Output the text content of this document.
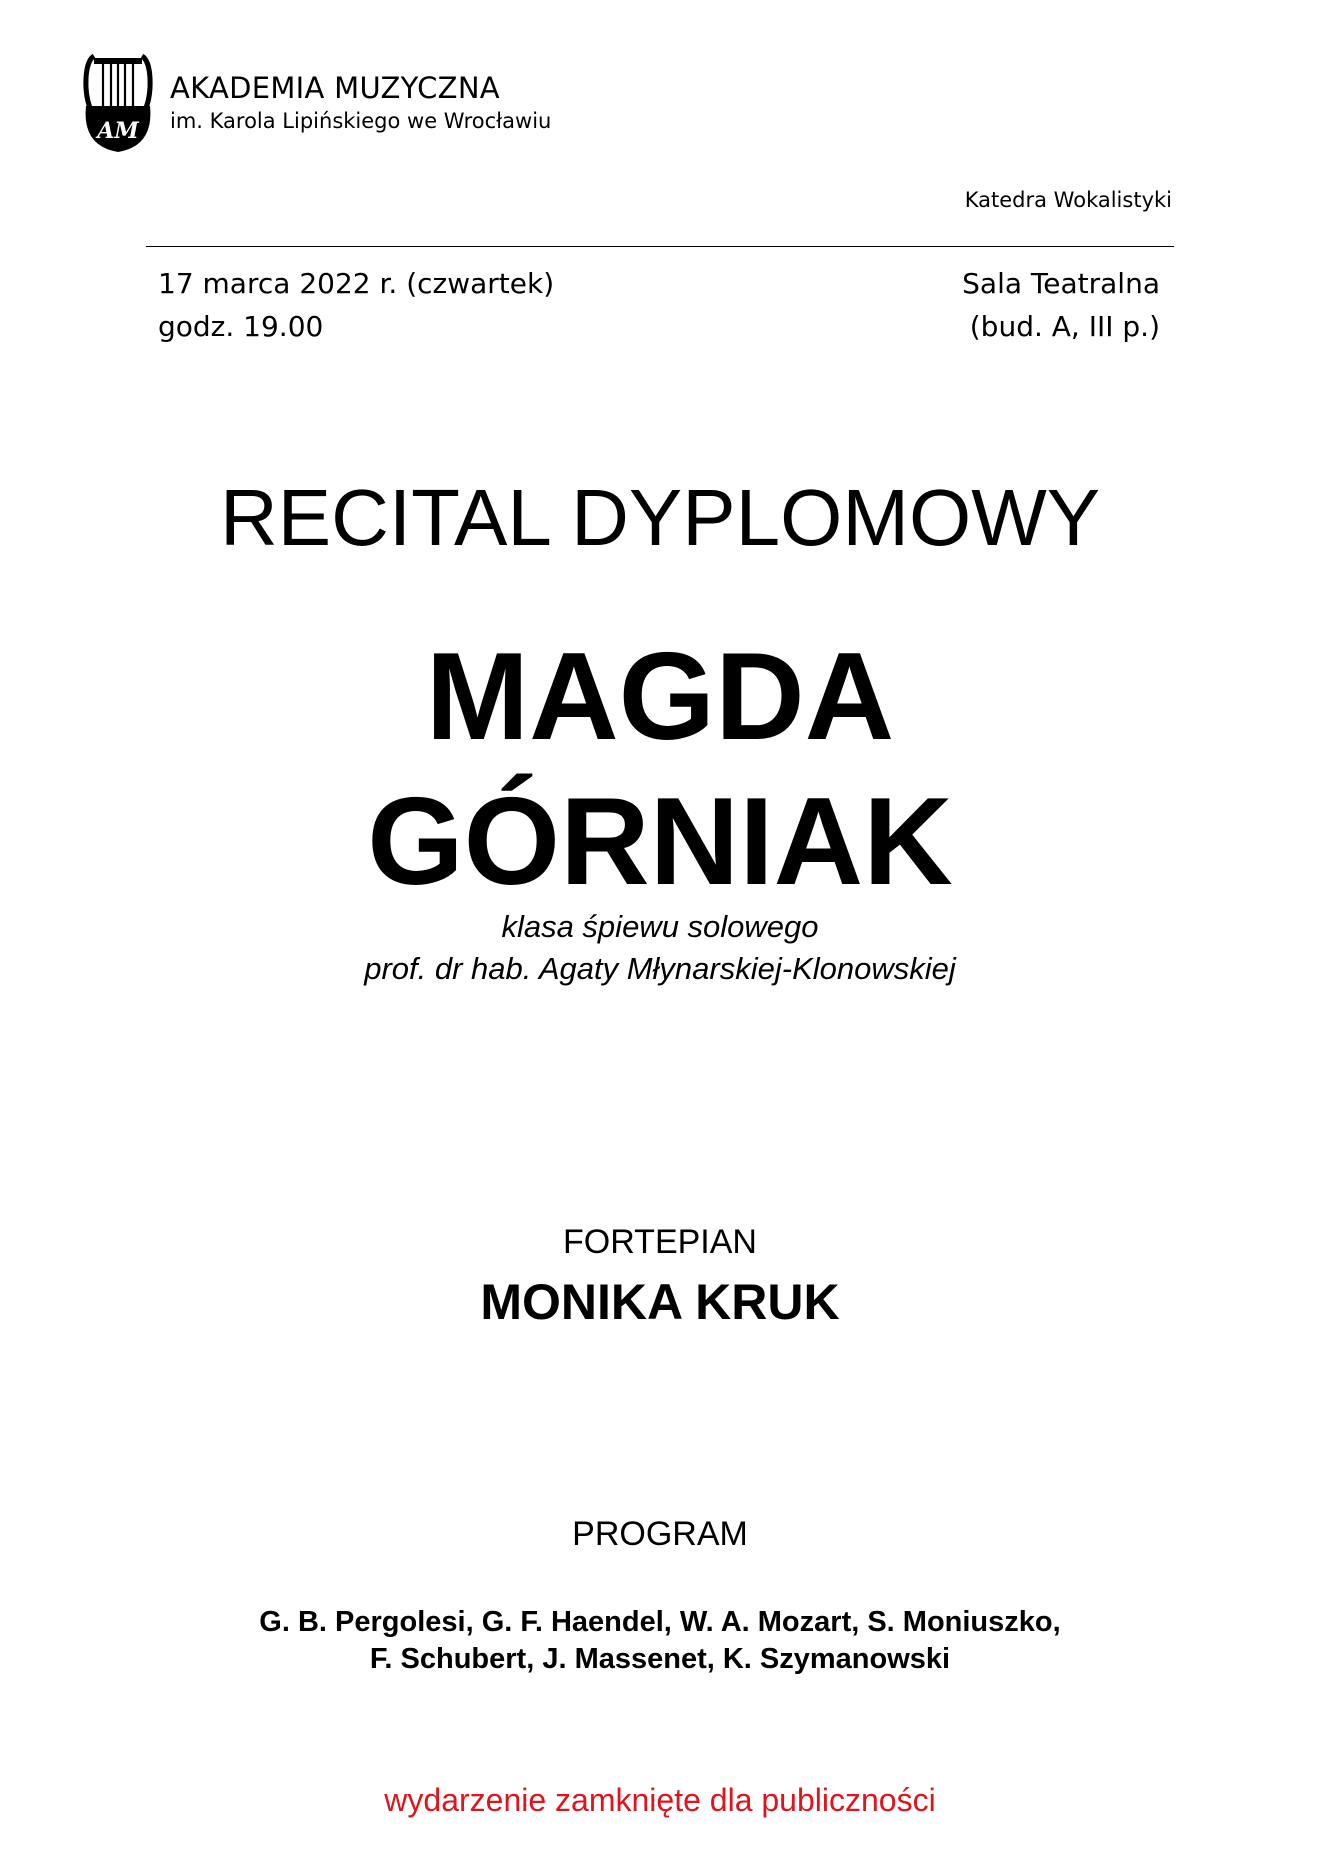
AM
AKADEMIA MUZYCZNA
im. Karola Lipińskiego we Wrocławiu
Katedra Wokalistyki
17 marca 2022 r. (czwartek)
godz. 19.00
Sala Teatralna
(bud. A, III p.)
RECITAL DYPLOMOWY
MAGDA
GÓRNIAK
klasa śpiewu solowego
prof. dr hab. Agaty Młynarskiej-Klonowskiej
FORTEPIAN
MONIKA KRUK
PROGRAM
G. B. Pergolesi, G. F. Haendel, W. A. Mozart, S. Moniuszko,
F. Schubert, J. Massenet, K. Szymanowski
wydarzenie zamknięte dla publiczności
